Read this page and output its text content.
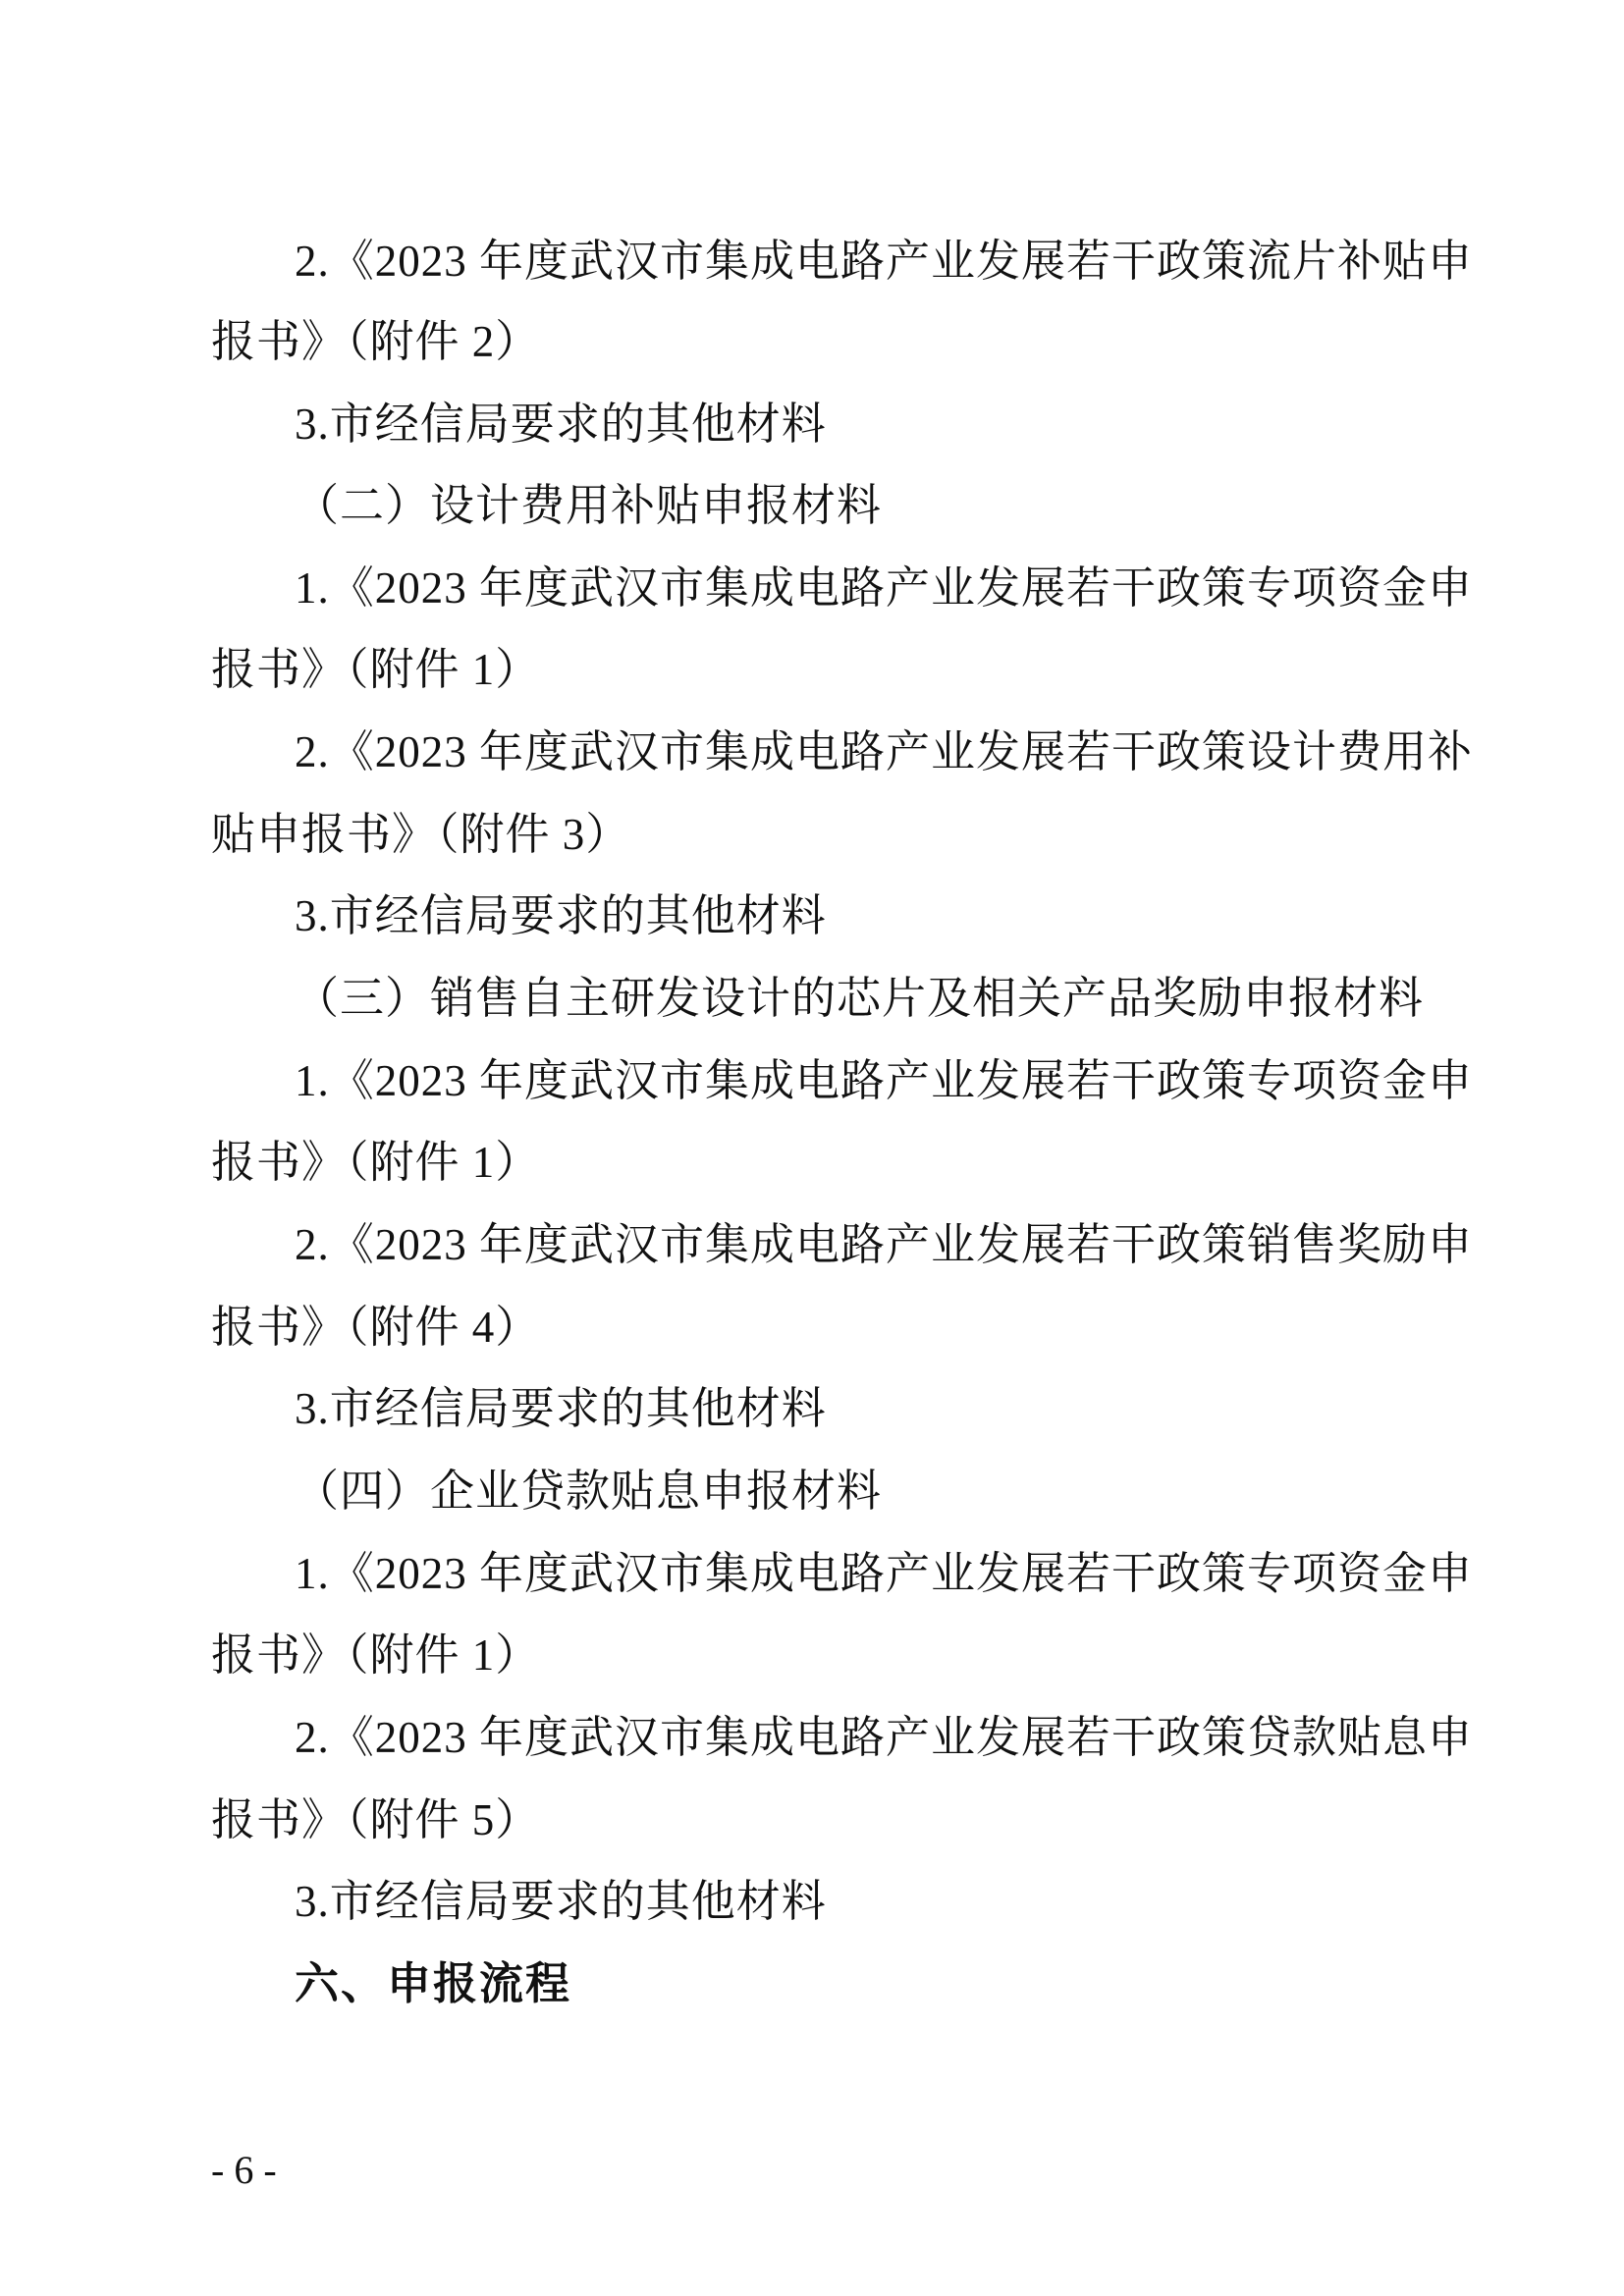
2.《2023 年度武汉市集成电路产业发展若干政策流片补贴申
报书》（附件 2）
3.市经信局要求的其他材料
（二）设计费用补贴申报材料
1.《2023 年度武汉市集成电路产业发展若干政策专项资金申
报书》（附件 1）
2.《2023 年度武汉市集成电路产业发展若干政策设计费用补
贴申报书》（附件 3）
3.市经信局要求的其他材料
（三）销售自主研发设计的芯片及相关产品奖励申报材料
1.《2023 年度武汉市集成电路产业发展若干政策专项资金申
报书》（附件 1）
2.《2023 年度武汉市集成电路产业发展若干政策销售奖励申
报书》（附件 4）
3.市经信局要求的其他材料
（四）企业贷款贴息申报材料
1.《2023 年度武汉市集成电路产业发展若干政策专项资金申
报书》（附件 1）
2.《2023 年度武汉市集成电路产业发展若干政策贷款贴息申
报书》（附件 5）
3.市经信局要求的其他材料
六、申报流程
- 6 -
